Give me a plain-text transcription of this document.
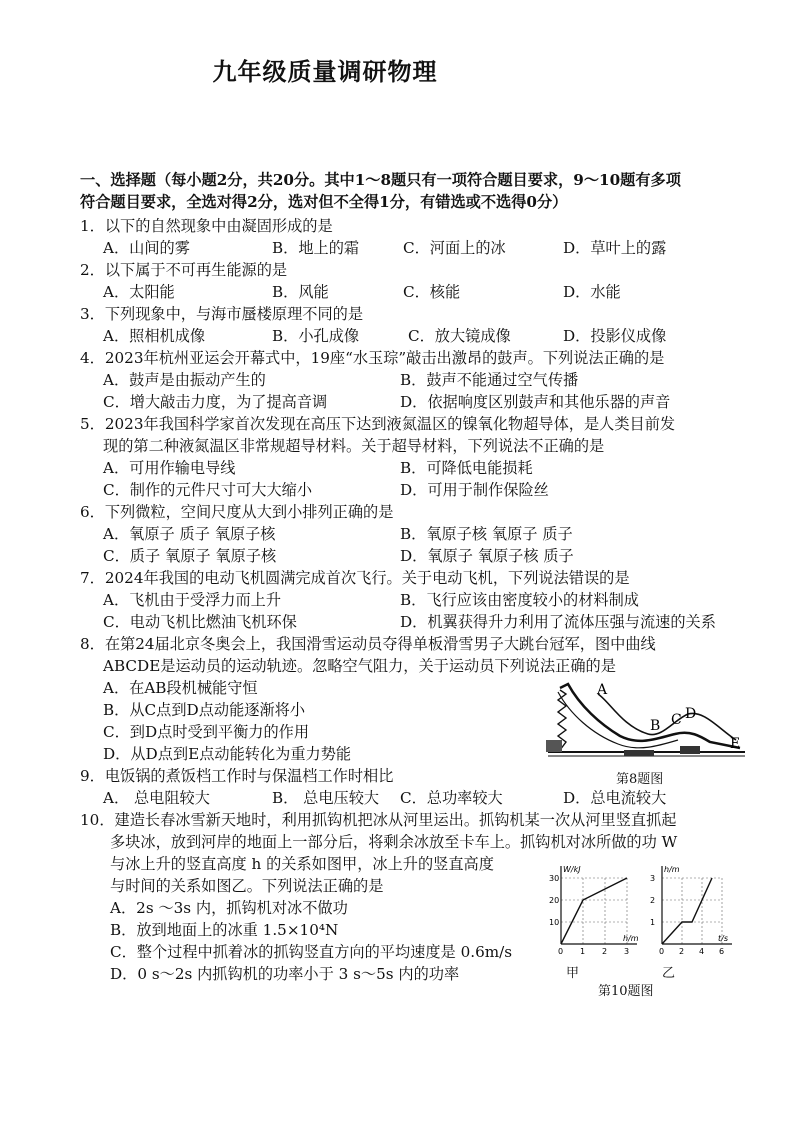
九年级质量调研物理
一、选择题（每小题2分，共20分。其中1～8题只有一项符合题目要求，9～10题有多项
符合题目要求，全选对得2分，选对但不全得1分，有错选或不选得0分）
1．以下的自然现象中由凝固形成的是
A．山间的雾	B．地上的霜	C．河面上的冰	D．草叶上的露
2．以下属于不可再生能源的是
A．太阳能	B．风能	C．核能	D．水能
3．下列现象中，与海市蜃楼原理不同的是
A．照相机成像	B．小孔成像	C．放大镜成像	D．投影仪成像
4．2023年杭州亚运会开幕式中，19座“水玉琮”敲击出激昂的鼓声。下列说法正确的是
A．鼓声是由振动产生的	B．鼓声不能通过空气传播
C．增大敲击力度，为了提高音调	D．依据响度区别鼓声和其他乐器的声音
5．2023年我国科学家首次发现在高压下达到液氮温区的镍氧化物超导体，是人类目前发
现的第二种液氮温区非常规超导材料。关于超导材料，下列说法不正确的是
A．可用作输电导线	B．可降低电能损耗
C．制作的元件尺寸可大大缩小	D．可用于制作保险丝
6．下列微粒，空间尺度从大到小排列正确的是
A．氧原子 质子 氧原子核	B．氧原子核 氧原子 质子
C．质子 氧原子 氧原子核	D．氧原子 氧原子核 质子
7．2024年我国的电动飞机圆满完成首次飞行。关于电动飞机，下列说法错误的是
A．飞机由于受浮力而上升	B．飞行应该由密度较小的材料制成
C．电动飞机比燃油飞机环保	D．机翼获得升力利用了流体压强与流速的关系
8．在第24届北京冬奥会上，我国滑雪运动员夺得单板滑雪男子大跳台冠军，图中曲线
ABCDE是运动员的运动轨迹。忽略空气阻力，关于运动员下列说法正确的是
A．在AB段机械能守恒
B．从C点到D点动能逐渐将小
C．到D点时受到平衡力的作用
D．从D点到E点动能转化为重力势能
A
B C D
E
第8题图
9．电饭锅的煮饭档工作时与保温档工作时相比
A． 总电阻较大	B． 总电压较大 C．总功率较大	D．总电流较大
10．建造长春冰雪新天地时，利用抓钩机把冰从河里运出。抓钩机某一次从河里竖直抓起
多块冰，放到河岸的地面上一部分后，将剩余冰放至卡车上。抓钩机对冰所做的功 W
与冰上升的竖直高度 h 的关系如图甲，冰上升的竖直高度
与时间的关系如图乙。下列说法正确的是
A．2s ～3s 内，抓钩机对冰不做功
B．放到地面上的冰重 1.5×10⁴N
C．整个过程中抓着冰的抓钩竖直方向的平均速度是 0.6m/s
D．0 s～2s 内抓钩机的功率小于 3 s～5s 内的功率
0 1 2 3
10
20
30
W/kJ
h/m
0 2 4 6
1
2
3
h/m
t/s
甲	乙
第10题图
